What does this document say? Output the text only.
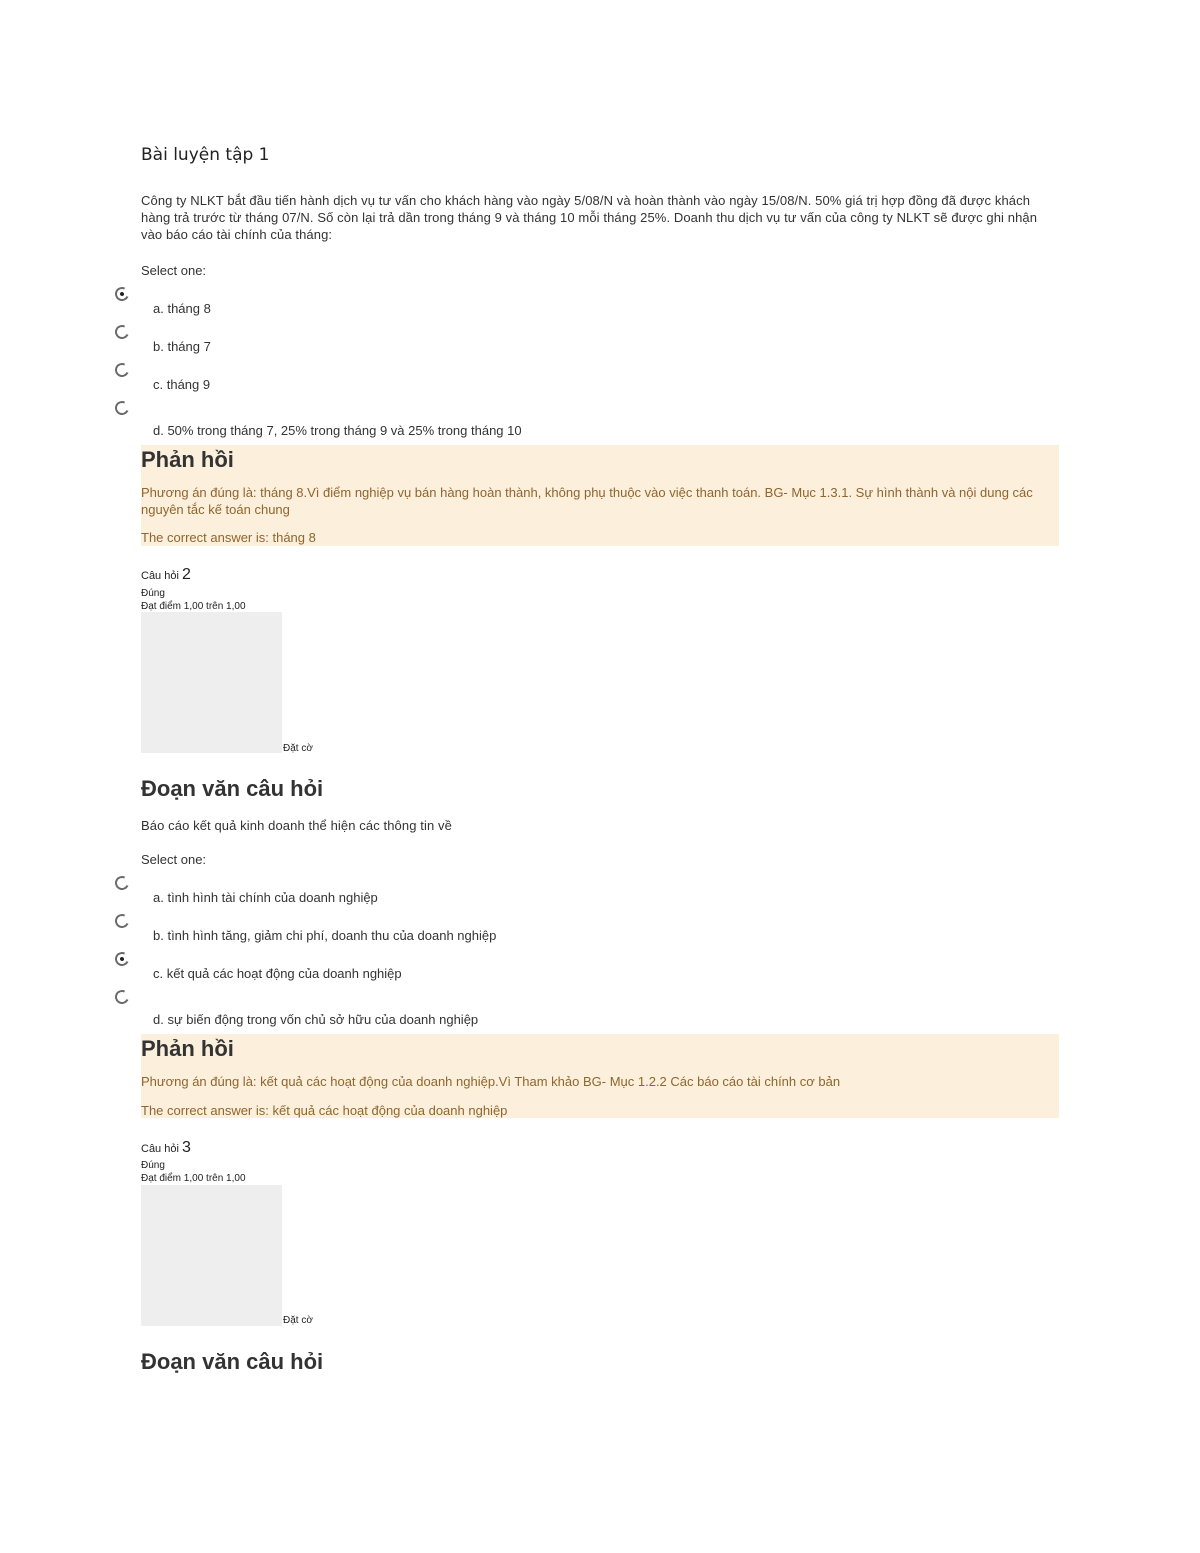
Bài luyện tập 1
Công ty NLKT bắt đầu tiến hành dịch vụ tư vấn cho khách hàng vào ngày 5/08/N và hoàn thành vào ngày 15/08/N. 50% giá trị hợp đồng đã được khách hàng trả trước từ tháng 07/N. Số còn lại trả dần trong tháng 9 và tháng 10 mỗi tháng 25%. Doanh thu dịch vụ tư vấn của công ty NLKT sẽ được ghi nhận vào báo cáo tài chính của tháng:
Select one:
a. tháng 8
b. tháng 7
c. tháng 9
d. 50% trong tháng 7, 25% trong tháng 9 và 25% trong tháng 10
Phản hồi
Phương án đúng là: tháng 8.Vì điểm nghiệp vụ bán hàng hoàn thành, không phụ thuộc vào việc thanh toán. BG- Mục 1.3.1. Sự hình thành và nội dung các nguyên tắc kế toán chung
The correct answer is: tháng 8
Câu hỏi 2
Đúng
Đạt điểm 1,00 trên 1,00
Đặt cờ
Đoạn văn câu hỏi
Báo cáo kết quả kinh doanh thể hiện các thông tin về
Select one:
a. tình hình tài chính của doanh nghiệp
b. tình hình tăng, giảm chi phí, doanh thu của doanh nghiệp
c. kết quả các hoạt động của doanh nghiệp
d. sự biến động trong vốn chủ sở hữu của doanh nghiệp
Phản hồi
Phương án đúng là: kết quả các hoạt động của doanh nghiệp.Vì Tham khảo BG- Mục 1.2.2 Các báo cáo tài chính cơ bản
The correct answer is: kết quả các hoạt động của doanh nghiệp
Câu hỏi 3
Đúng
Đạt điểm 1,00 trên 1,00
Đặt cờ
Đoạn văn câu hỏi
